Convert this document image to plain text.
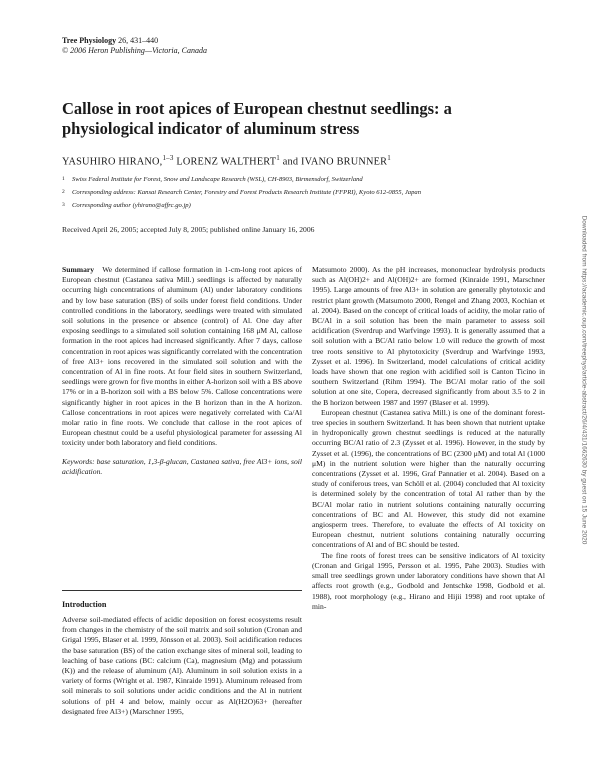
Tree Physiology 26, 431–440
© 2006 Heron Publishing—Victoria, Canada
Callose in root apices of European chestnut seedlings: a physiological indicator of aluminum stress
YASUHIRO HIRANO,$^{1-3}$ LORENZ WALTHERT$^1$ and IVANO BRUNNER$^1$
1 Swiss Federal Institute for Forest, Snow and Landscape Research (WSL), CH-8903, Birmensdorf, Switzerland
2 Corresponding address: Kansai Research Center, Forestry and Forest Products Research Institute (FFPRI), Kyoto 612-0855, Japan
3 Corresponding author (yhirano@affrc.go.jp)
Received April 26, 2005; accepted July 8, 2005; published online January 16, 2006

Summary We determined if callose formation in 1-cm-long root apices of European chestnut (Castanea sativa Mill.) seedlings is affected by naturally occurring high concentrations of aluminum (Al) under laboratory conditions and by low base saturation (BS) of soils under forest field conditions. Under controlled conditions in the laboratory, seedlings were treated with simulated soil solutions in the presence or absence (control) of Al. One day after exposing seedlings to a simulated soil solution containing 168 μM Al, callose formation in the root apices had increased significantly. After 7 days, callose concentration in root apices was significantly correlated with the concentration of free Al3+ ions recovered in the simulated soil solution and with the concentration of Al in fine roots. At four field sites in southern Switzerland, seedlings were grown for five months in either A-horizon soil with a BS above 17% or in a B-horizon soil with a BS below 5%. Callose concentrations were significantly higher in root apices in the B horizon than in the A horizon. Callose concentrations in root apices were negatively correlated with Ca/Al molar ratio in fine roots. We conclude that callose in the root apices of European chestnut could be a useful physiological parameter for assessing Al toxicity under both laboratory and field conditions.

Keywords: base saturation, 1,3-β-glucan, Castanea sativa, free Al3+ ions, soil acidification.

Introduction

Adverse soil-mediated effects of acidic deposition on forest ecosystems result from changes in the chemistry of the soil matrix and soil solution (Cronan and Grigal 1995, Blaser et al. 1999, Jönsson et al. 2003). Soil acidification reduces the base saturation (BS) of the cation exchange sites of mineral soil, leading to leaching of base cations (BC: calcium (Ca), magnesium (Mg) and potassium (K)) and the release of aluminum (Al). Aluminum in soil solution exists in a variety of forms (Wright et al. 1987, Kinraide 1991). Aluminum released from soil minerals to soil solutions under acidic conditions and the Al in nutrient solutions of pH 4 and below, mainly occur as Al(H2O)63+ (hereafter designated free Al3+) (Marschner 1995,

Matsumoto 2000). As the pH increases, mononuclear hydrolysis products such as Al(OH)2+ and Al(OH)2+ are formed (Kinraide 1991, Marschner 1995). Large amounts of free Al3+ in solution are generally phytotoxic and restrict plant growth (Matsumoto 2000, Rengel and Zhang 2003, Kochian et al. 2004). Based on the concept of critical loads of acidity, the molar ratio of BC/Al in a soil solution has been the main parameter to assess soil acidification (Sverdrup and Warfvinge 1993). It is generally assumed that a soil solution with a BC/Al ratio below 1.0 will reduce the growth of most tree roots sensitive to Al phytotoxicity (Sverdrup and Warfvinge 1993, Zysset et al. 1996). In Switzerland, model calculations of critical acidity loads have shown that one region with acidified soil is Canton Ticino in southern Switzerland (Rihm 1994). The BC/Al molar ratio of the soil solution at one site, Copera, decreased significantly from about 3.5 to 2 in the B horizon between 1987 and 1997 (Blaser et al. 1999).

European chestnut (Castanea sativa Mill.) is one of the dominant forest-tree species in southern Switzerland. It has been shown that nutrient uptake in hydroponically grown chestnut seedlings is reduced at the naturally occurring BC/Al ratio of 2.3 (Zysset et al. 1996). However, in the study by Zysset et al. (1996), the concentrations of BC (2300 μM) and total Al (1000 μM) in the nutrient solution were higher than the naturally occurring concentrations (Zysset et al. 1996, Graf Pannatier et al. 2004). Based on a study of coniferous trees, van Schöll et al. (2004) concluded that Al toxicity is determined solely by the concentration of total Al rather than by the BC/Al molar ratio in nutrient solutions containing naturally occurring concentrations of BC and Al. However, this study did not examine angiosperm trees. Therefore, to evaluate the effects of Al toxicity on European chestnut, nutrient solutions containing naturally occurring concentrations of Al and of BC should be tested.

The fine roots of forest trees can be sensitive indicators of Al toxicity (Cronan and Grigal 1995, Persson et al. 1995, Pahe 2003). Studies with small tree seedlings grown under laboratory conditions have shown that Al affects root growth (e.g., Godbold and Jentschke 1998, Godbold et al. 1988), root morphology (e.g., Hirano and Hijii 1998) and root uptake of min-

Downloaded from https://academic.oup.com/treephys/article-abstract/26/4/431/1662630 by guest on 15 June 2020
